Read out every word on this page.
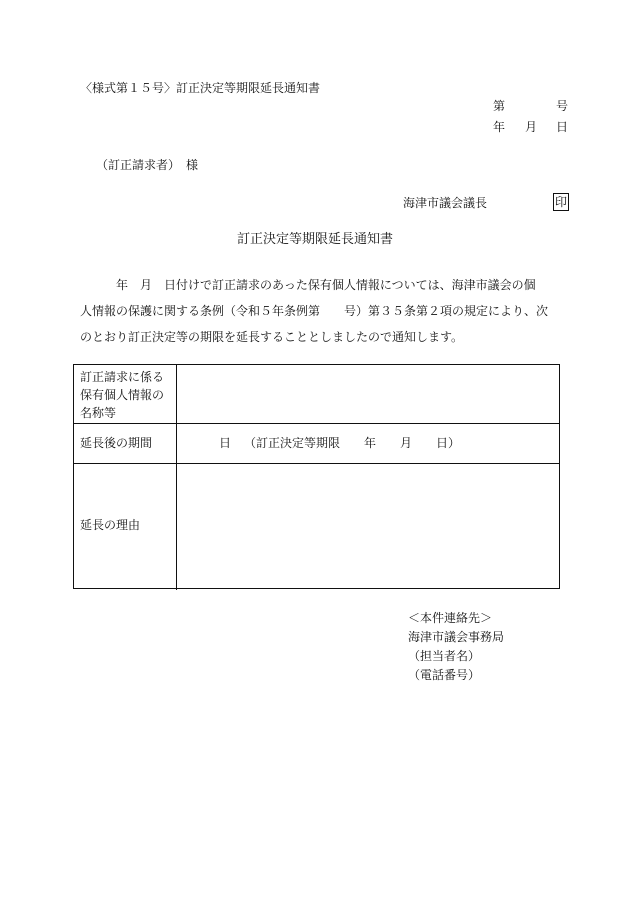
〈様式第１５号〉訂正決定等期限延長通知書
第	号
年 月 日
（訂正請求者）　様
海津市議会議長	印
訂正決定等期限延長通知書
　　　年　月　日付けで訂正請求のあった保有個人情報については、海津市議会の個
人情報の保護に関する条例（令和５年条例第　　号）第３５条第２項の規定により、次
のとおり訂正決定等の期限を延長することとしましたので通知します。
訂正請求に係る
保有個人情報の
名称等
延長後の期間	日 （訂正決定等期限　　年　　月　　日）
延長の理由
＜本件連絡先＞
海津市議会事務局
（担当者名）
（電話番号）
